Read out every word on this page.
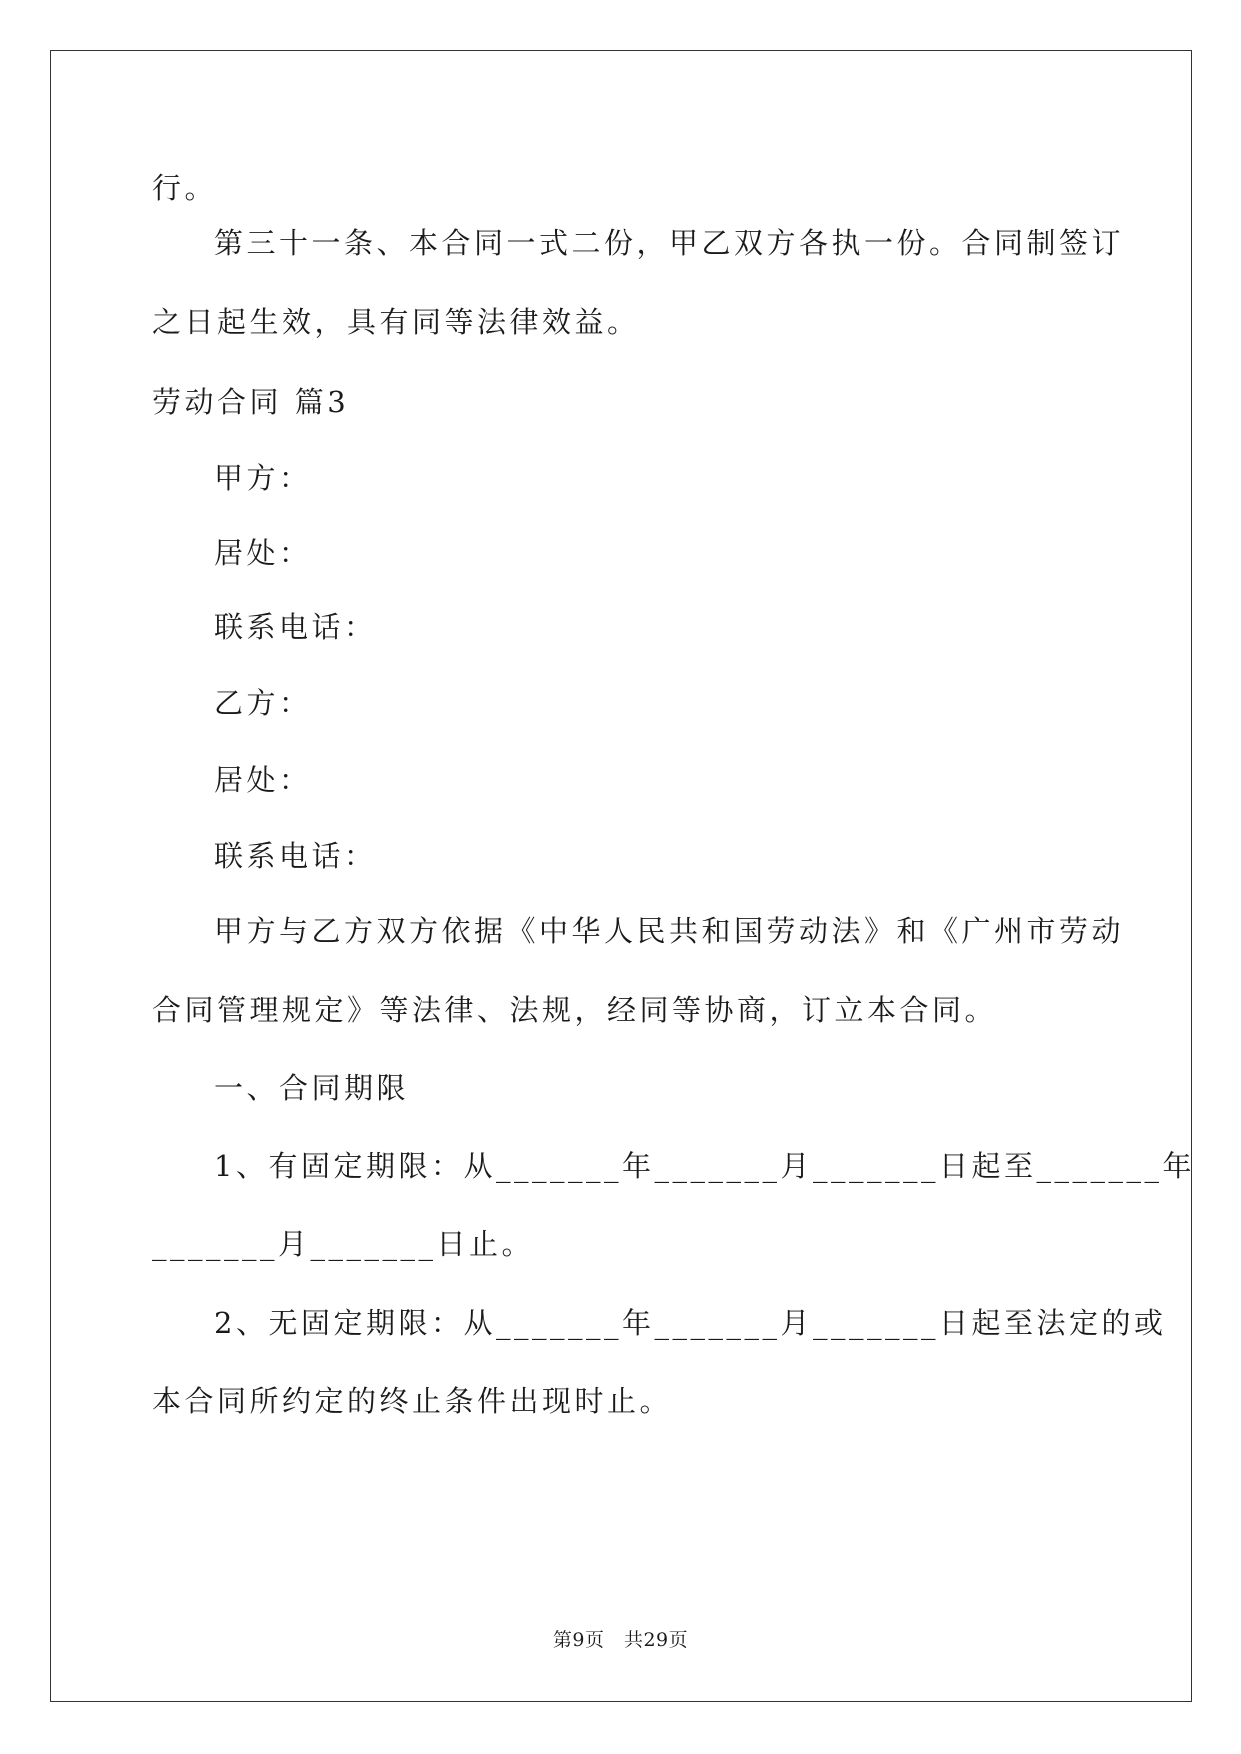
行。
第三十一条、本合同一式二份，甲乙双方各执一份。合同制签订
之日起生效，具有同等法律效益。
劳动合同 篇3
甲方：
居处：
联系电话：
乙方：
居处：
联系电话：
甲方与乙方双方依据《中华人民共和国劳动法》和《广州市劳动
合同管理规定》等法律、法规，经同等协商，订立本合同。
一、合同期限
1、有固定期限：从_______年_______月_______日起至_______年
_______月_______日止。
2、无固定期限：从_______年_______月_______日起至法定的或
本合同所约定的终止条件出现时止。
第9页　共29页
